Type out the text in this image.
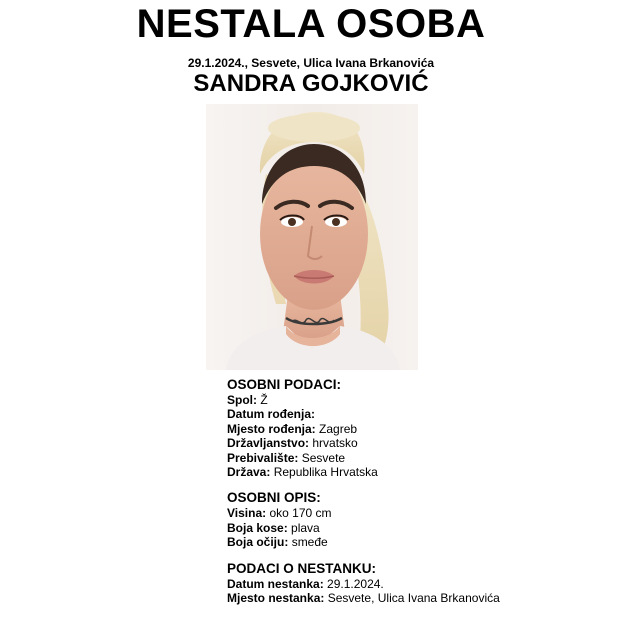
NESTALA OSOBA
29.1.2024., Sesvete, Ulica Ivana Brkanovića
SANDRA GOJKOVIĆ
OSOBNI PODACI:
Spol: Ž
Datum rođenja:
Mjesto rođenja: Zagreb
Državljanstvo: hrvatsko
Prebivalište: Sesvete
Država: Republika Hrvatska
OSOBNI OPIS:
Visina: oko 170 cm
Boja kose: plava
Boja očiju: smeđe
PODACI O NESTANKU:
Datum nestanka: 29.1.2024.
Mjesto nestanka: Sesvete, Ulica Ivana Brkanovića
